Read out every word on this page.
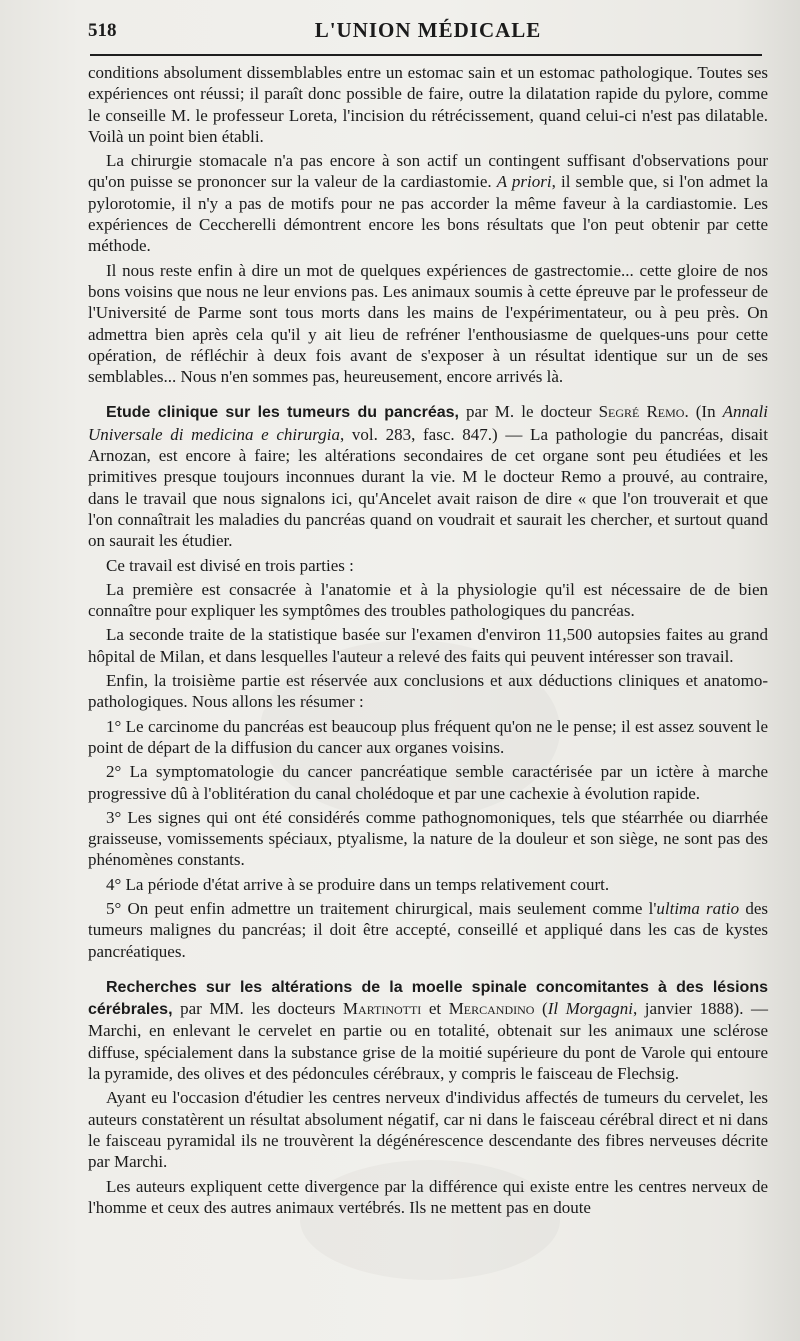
518	L'UNION MÉDICALE

conditions absolument dissemblables entre un estomac sain et un estomac pathologique. Toutes ses expériences ont réussi; il paraît donc possible de faire, outre la dilatation rapide du pylore, comme le conseille M. le professeur Loreta, l'incision du rétrécissement, quand celui-ci n'est pas dilatable. Voilà un point bien établi.

La chirurgie stomacale n'a pas encore à son actif un contingent suffisant d'observations pour qu'on puisse se prononcer sur la valeur de la cardiastomie. A priori, il semble que, si l'on admet la pylorotomie, il n'y a pas de motifs pour ne pas accorder la même faveur à la cardiastomie. Les expériences de Ceccherelli démontrent encore les bons résultats que l'on peut obtenir par cette méthode.

Il nous reste enfin à dire un mot de quelques expériences de gastrectomie... cette gloire de nos bons voisins que nous ne leur envions pas. Les animaux soumis à cette épreuve par le professeur de l'Université de Parme sont tous morts dans les mains de l'expérimentateur, ou à peu près. On admettra bien après cela qu'il y ait lieu de refréner l'enthousiasme de quelques-uns pour cette opération, de réfléchir à deux fois avant de s'exposer à un résultat identique sur un de ses semblables... Nous n'en sommes pas, heureusement, encore arrivés là.

Etude clinique sur les tumeurs du pancréas, par M. le docteur Segré Remo. (In Annali Universale di medicina e chirurgia, vol. 283, fasc. 847.) — La pathologie du pancréas, disait Arnozan, est encore à faire; les altérations secondaires de cet organe sont peu étudiées et les primitives presque toujours inconnues durant la vie. M le docteur Remo a prouvé, au contraire, dans le travail que nous signalons ici, qu'Ancelet avait raison de dire « que l'on trouverait et que l'on connaîtrait les maladies du pancréas quand on voudrait et saurait les chercher, et surtout quand on saurait les étudier.

Ce travail est divisé en trois parties :

La première est consacrée à l'anatomie et à la physiologie qu'il est nécessaire de de bien connaître pour expliquer les symptômes des troubles pathologiques du pancréas.

La seconde traite de la statistique basée sur l'examen d'environ 11,500 autopsies faites au grand hôpital de Milan, et dans lesquelles l'auteur a relevé des faits qui peuvent intéresser son travail.

Enfin, la troisième partie est réservée aux conclusions et aux déductions cliniques et anatomo-pathologiques. Nous allons les résumer :

1° Le carcinome du pancréas est beaucoup plus fréquent qu'on ne le pense; il est assez souvent le point de départ de la diffusion du cancer aux organes voisins.

2° La symptomatologie du cancer pancréatique semble caractérisée par un ictère à marche progressive dû à l'oblitération du canal cholédoque et par une cachexie à évolution rapide.

3° Les signes qui ont été considérés comme pathognomoniques, tels que stéarrhée ou diarrhée graisseuse, vomissements spéciaux, ptyalisme, la nature de la douleur et son siège, ne sont pas des phénomènes constants.

4° La période d'état arrive à se produire dans un temps relativement court.

5° On peut enfin admettre un traitement chirurgical, mais seulement comme l'ultima ratio des tumeurs malignes du pancréas; il doit être accepté, conseillé et appliqué dans les cas de kystes pancréatiques.

Recherches sur les altérations de la moelle spinale concomitantes à des lésions cérébrales, par MM. les docteurs Martinotti et Mercandino (Il Morgagni, janvier 1888). — Marchi, en enlevant le cervelet en partie ou en totalité, obtenait sur les animaux une sclérose diffuse, spécialement dans la substance grise de la moitié supérieure du pont de Varole qui entoure la pyramide, des olives et des pédoncules cérébraux, y compris le faisceau de Flechsig.

Ayant eu l'occasion d'étudier les centres nerveux d'individus affectés de tumeurs du cervelet, les auteurs constatèrent un résultat absolument négatif, car ni dans le faisceau cérébral direct et ni dans le faisceau pyramidal ils ne trouvèrent la dégénérescence descendante des fibres nerveuses décrite par Marchi.

Les auteurs expliquent cette divergence par la différence qui existe entre les centres nerveux de l'homme et ceux des autres animaux vertébrés. Ils ne mettent pas en doute
